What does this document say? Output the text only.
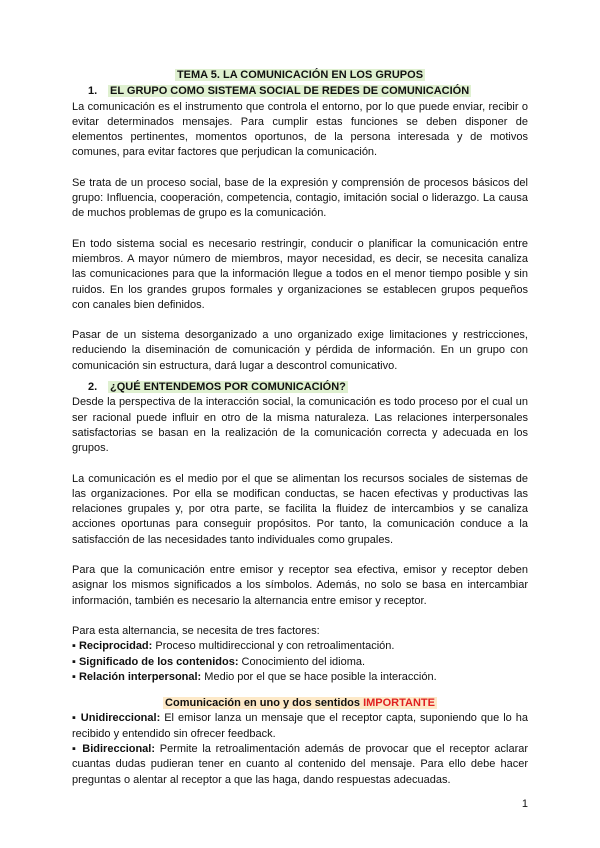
TEMA 5. LA COMUNICACIÓN EN LOS GRUPOS
1. EL GRUPO COMO SISTEMA SOCIAL DE REDES DE COMUNICACIÓN

La comunicación es el instrumento que controla el entorno, por lo que puede enviar, recibir o evitar determinados mensajes. Para cumplir estas funciones se deben disponer de elementos pertinentes, momentos oportunos, de la persona interesada y de motivos comunes, para evitar factores que perjudican la comunicación.

Se trata de un proceso social, base de la expresión y comprensión de procesos básicos del grupo: Influencia, cooperación, competencia, contagio, imitación social o liderazgo. La causa de muchos problemas de grupo es la comunicación.

En todo sistema social es necesario restringir, conducir o planificar la comunicación entre miembros. A mayor número de miembros, mayor necesidad, es decir, se necesita canaliza las comunicaciones para que la información llegue a todos en el menor tiempo posible y sin ruidos. En los grandes grupos formales y organizaciones se establecen grupos pequeños con canales bien definidos.

Pasar de un sistema desorganizado a uno organizado exige limitaciones y restricciones, reduciendo la diseminación de comunicación y pérdida de información. En un grupo con comunicación sin estructura, dará lugar a descontrol comunicativo.

2. ¿QUÉ ENTENDEMOS POR COMUNICACIÓN?

Desde la perspectiva de la interacción social, la comunicación es todo proceso por el cual un ser racional puede influir en otro de la misma naturaleza. Las relaciones interpersonales satisfactorias se basan en la realización de la comunicación correcta y adecuada en los grupos.

La comunicación es el medio por el que se alimentan los recursos sociales de sistemas de las organizaciones. Por ella se modifican conductas, se hacen efectivas y productivas las relaciones grupales y, por otra parte, se facilita la fluidez de intercambios y se canaliza acciones oportunas para conseguir propósitos. Por tanto, la comunicación conduce a la satisfacción de las necesidades tanto individuales como grupales.

Para que la comunicación entre emisor y receptor sea efectiva, emisor y receptor deben asignar los mismos significados a los símbolos. Además, no solo se basa en intercambiar información, también es necesario la alternancia entre emisor y receptor.

Para esta alternancia, se necesita de tres factores:

▪ Reciprocidad: Proceso multidireccional y con retroalimentación.

▪ Significado de los contenidos: Conocimiento del idioma.

▪ Relación interpersonal: Medio por el que se hace posible la interacción.

Comunicación en uno y dos sentidos IMPORTANTE

▪ Unidireccional: El emisor lanza un mensaje que el receptor capta, suponiendo que lo ha recibido y entendido sin ofrecer feedback.

▪ Bidireccional: Permite la retroalimentación además de provocar que el receptor aclarar cuantas dudas pudieran tener en cuanto al contenido del mensaje. Para ello debe hacer preguntas o alentar al receptor a que las haga, dando respuestas adecuadas.

1
